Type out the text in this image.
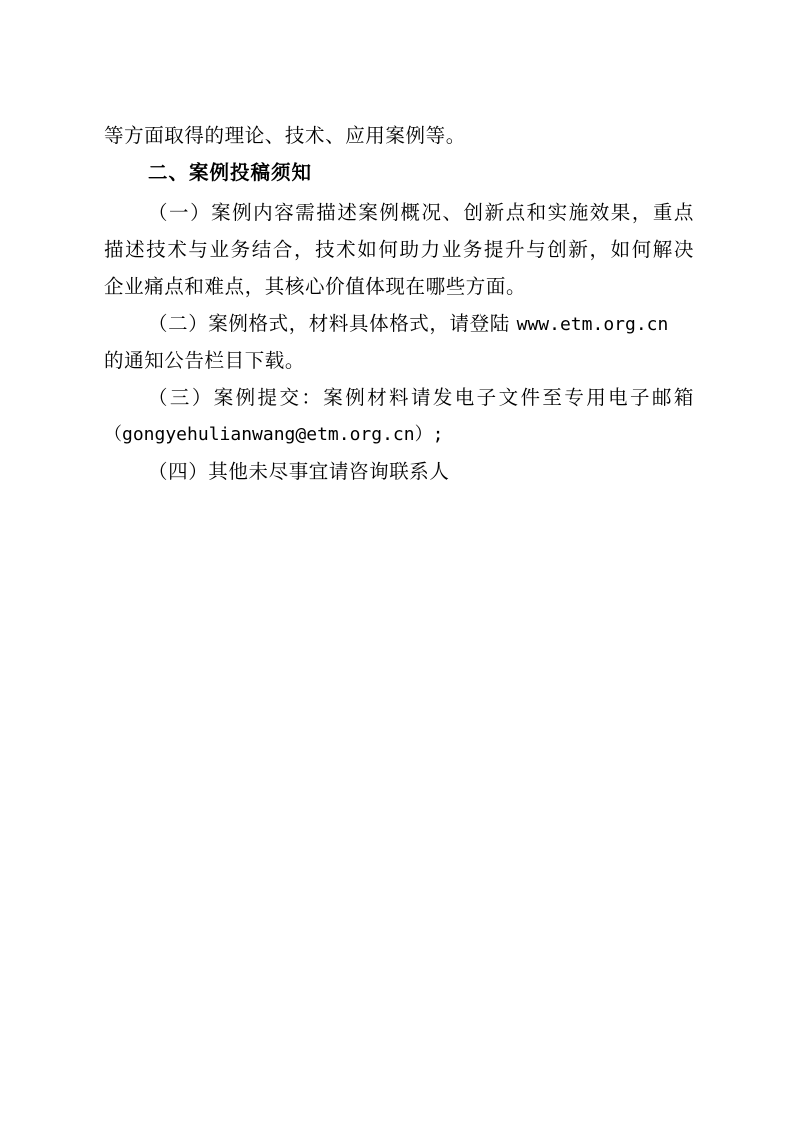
等方面取得的理论、技术、应用案例等。
二、案例投稿须知
（一）案例内容需描述案例概况、创新点和实施效果，重点
描述技术与业务结合，技术如何助力业务提升与创新，如何解决
企业痛点和难点，其核心价值体现在哪些方面。
（二）案例格式，材料具体格式，请登陆 www.etm.org.cn
的通知公告栏目下载。
（三）案例提交：案例材料请发电子文件至专用电子邮箱
（gongyehulianwang@etm.org.cn）;
（四）其他未尽事宜请咨询联系人
